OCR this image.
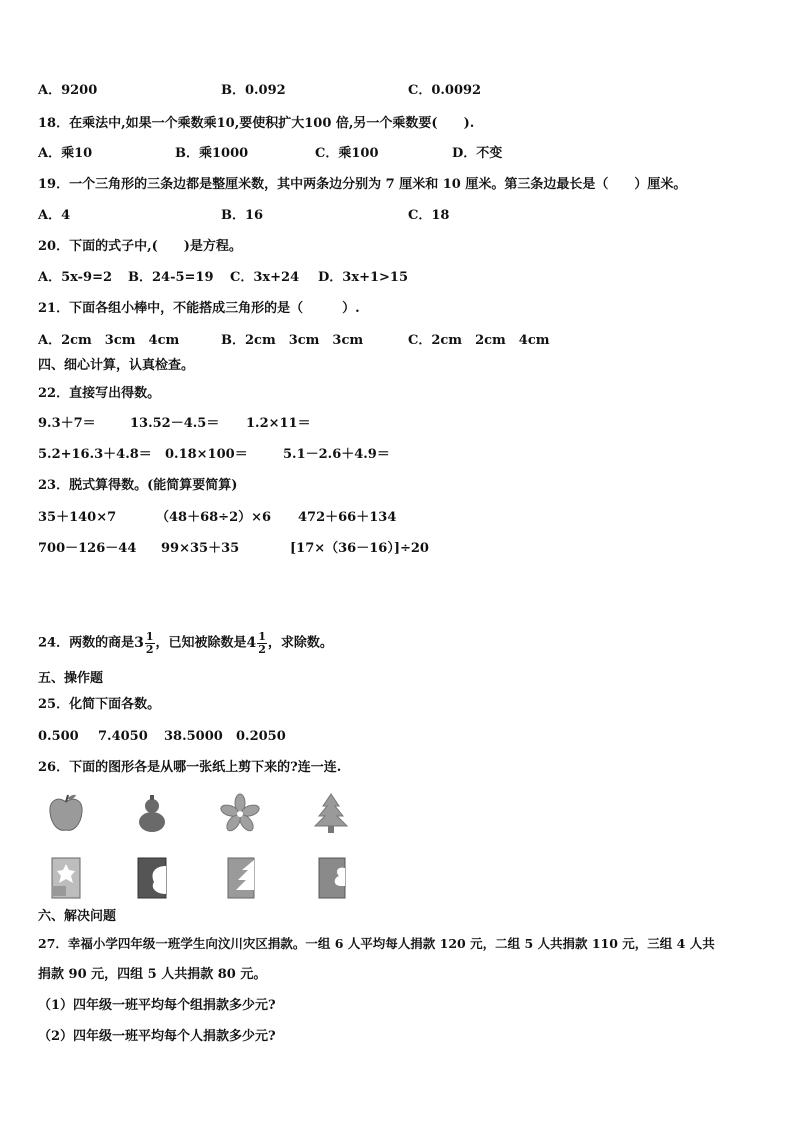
A．9200	B．0.092	C．0.0092
18．在乘法中,如果一个乘数乘10,要使积扩大100 倍,另一个乘数要(　　).
A．乘10	B．乘1000	C．乘100	D．不变
19．一个三角形的三条边都是整厘米数，其中两条边分别为 7 厘米和 10 厘米。第三条边最长是（　　）厘米。
A．4	B．16	C．18
20．下面的式子中,(　　)是方程。
A．5x-9=2 B．24-5=19 C．3x+24 D．3x+1>15
21．下面各组小棒中，不能搭成三角形的是（　　　）.
A．2cm　3cm　4cm	B．2cm　3cm　3cm	C．2cm　2cm　4cm
四、细心计算，认真检查。
22．直接写出得数。
9.3＋7＝	13.52－4.5＝ 1.2×11＝
5.2+16.3＋4.8＝ 0.18×100＝	5.1－2.6＋4.9＝
23．脱式算得数。(能简算要简算)
35＋140×7	（48＋68÷2）×6 472＋66＋134
700－126－44 99×35＋35	[17×（36－16）]÷20
24．两数的商是$3 \frac{1}{2}$ ，已知被除数是$4 \frac{1}{2}$ ，求除数。
五、操作题
25．化简下面各数。
0.500 7.4050 38.5000 0.2050
26．下面的图形各是从哪一张纸上剪下来的?连一连.
六、解决问题
27．幸福小学四年级一班学生向汶川灾区捐款。一组 6 人平均每人捐款 120 元，二组 5 人共捐款 110 元，三组 4 人共
捐款 90 元，四组 5 人共捐款 80 元。
（1）四年级一班平均每个组捐款多少元?
（2）四年级一班平均每个人捐款多少元?
